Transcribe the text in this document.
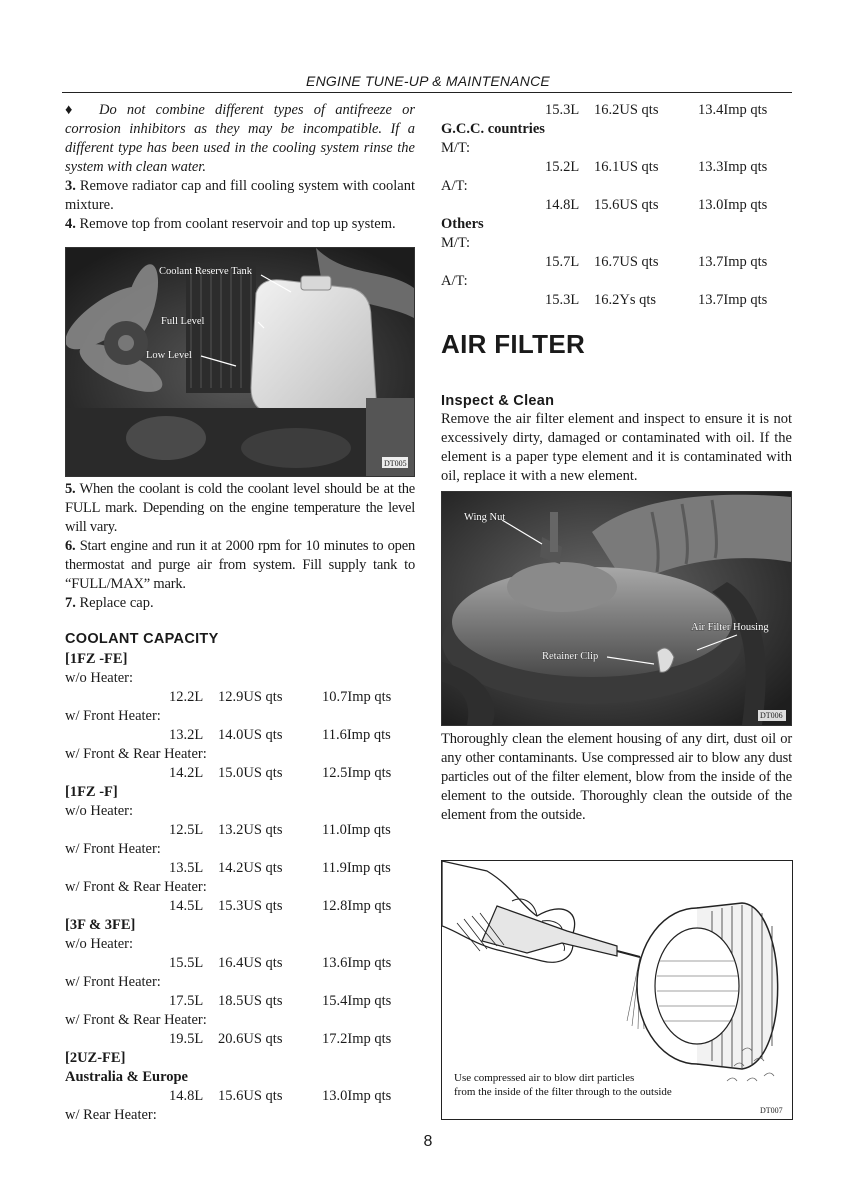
ENGINE TUNE-UP & MAINTENANCE

♦ Do not combine different types of antifreeze or corrosion inhibitors as they may be incompatible. If a different type has been used in the cooling system rinse the system with clean water.

3. Remove radiator cap and fill cooling system with coolant mixture.

4. Remove top from coolant reservoir and top up system.

Coolant Reserve Tank
Full Level
Low Level
DT005

5. When the coolant is cold the coolant level should be at the FULL mark. Depending on the engine temperature the level will vary.

6. Start engine and run it at 2000 rpm for 10 minutes to open thermostat and purge air from system. Fill supply tank to “FULL/MAX” mark.

7. Replace cap.

COOLANT CAPACITY
[1FZ -FE]
w/o Heater:
12.2L 12.9US qts	10.7Imp qts
w/ Front Heater:
13.2L 14.0US qts	11.6Imp qts
w/ Front & Rear Heater:
14.2L 15.0US qts	12.5Imp qts
[1FZ -F]
w/o Heater:
12.5L 13.2US qts	11.0Imp qts
w/ Front Heater:
13.5L 14.2US qts	11.9Imp qts
w/ Front & Rear Heater:
14.5L 15.3US qts	12.8Imp qts
[3F & 3FE]
w/o Heater:
15.5L 16.4US qts	13.6Imp qts
w/ Front Heater:
17.5L 18.5US qts	15.4Imp qts
w/ Front & Rear Heater:
19.5L 20.6US qts	17.2Imp qts
[2UZ-FE]
Australia & Europe
14.8L 15.6US qts	13.0Imp qts
w/ Rear Heater:
15.3L 16.2US qts	13.4Imp qts
G.C.C. countries
M/T:
15.2L 16.1US qts	13.3Imp qts
A/T:
14.8L 15.6US qts	13.0Imp qts
Others
M/T:
15.7L 16.7US qts	13.7Imp qts
A/T:
15.3L 16.2Ys qts	13.7Imp qts
AIR FILTER
Inspect & Clean

Remove the air filter element and inspect to ensure it is not excessively dirty, damaged or contaminated with oil. If the element is a paper type element and it is contaminated with oil, replace it with a new element.

Wing Nut
Air Filter Housing
Retainer Clip
DT006

Thoroughly clean the element housing of any dirt, dust oil or any other contaminants. Use compressed air to blow any dust particles out of the filter element, blow from the inside of the element to the outside. Thoroughly clean the outside of the element from the outside.

Use compressed air to blow dirt particles
from the inside of the filter through to the outside
DT007
8
